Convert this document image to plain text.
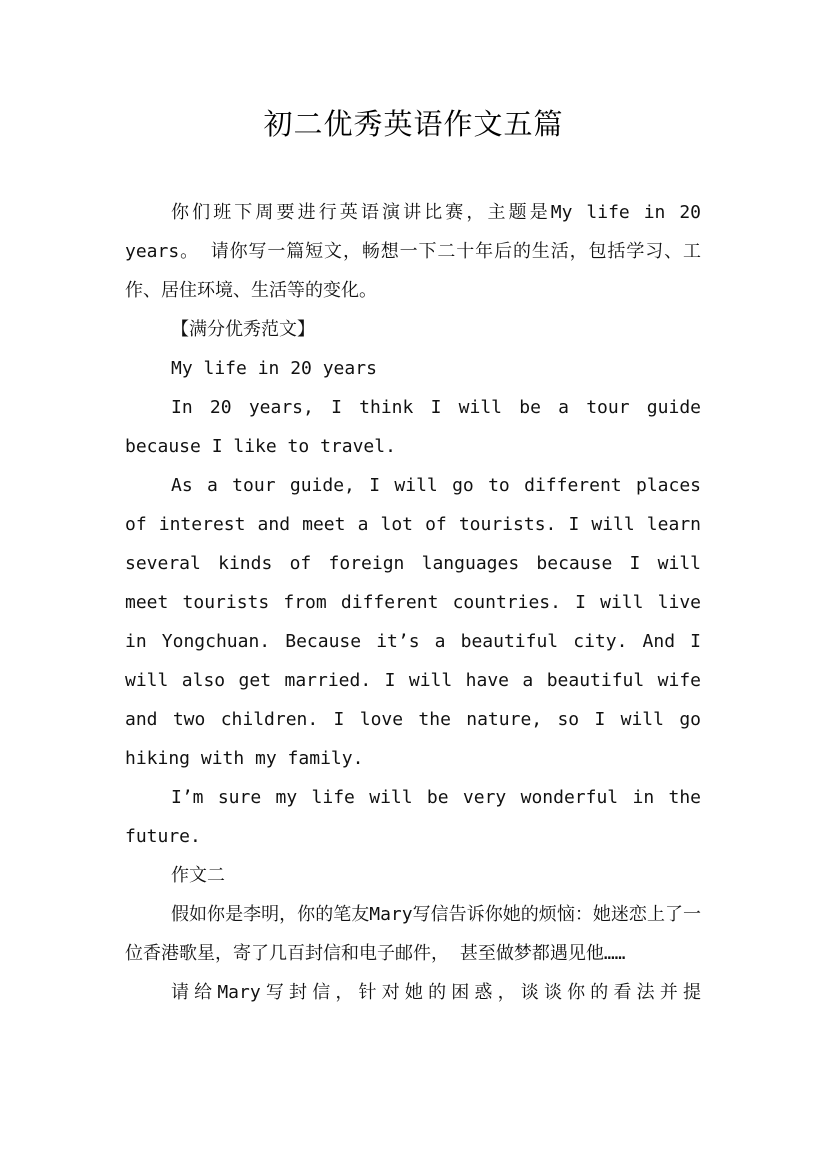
初二优秀英语作文五篇

你们班下周要进行英语演讲比赛，主题是My life in 20 years。 请你写一篇短文，畅想一下二十年后的生活，包括学习、工作、居住环境、生活等的变化。

【满分优秀范文】

My life in 20 years

In 20 years, I think I will be a tour guide because I like to travel.

As a tour guide, I will go to different places of interest and meet a lot of tourists. I will learn several kinds of foreign languages because I will meet tourists from different countries. I will live in Yongchuan. Because it’s a beautiful city. And I will also get married. I will have a beautiful wife and two children. I love the nature, so I will go hiking with my family.

I’m sure my life will be very wonderful in the future.

作文二

假如你是李明，你的笔友Mary写信告诉你她的烦恼：她迷恋上了一位香港歌星，寄了几百封信和电子邮件， 甚至做梦都遇见他……

请给Mary写封信，针对她的困惑，谈谈你的看法并提
